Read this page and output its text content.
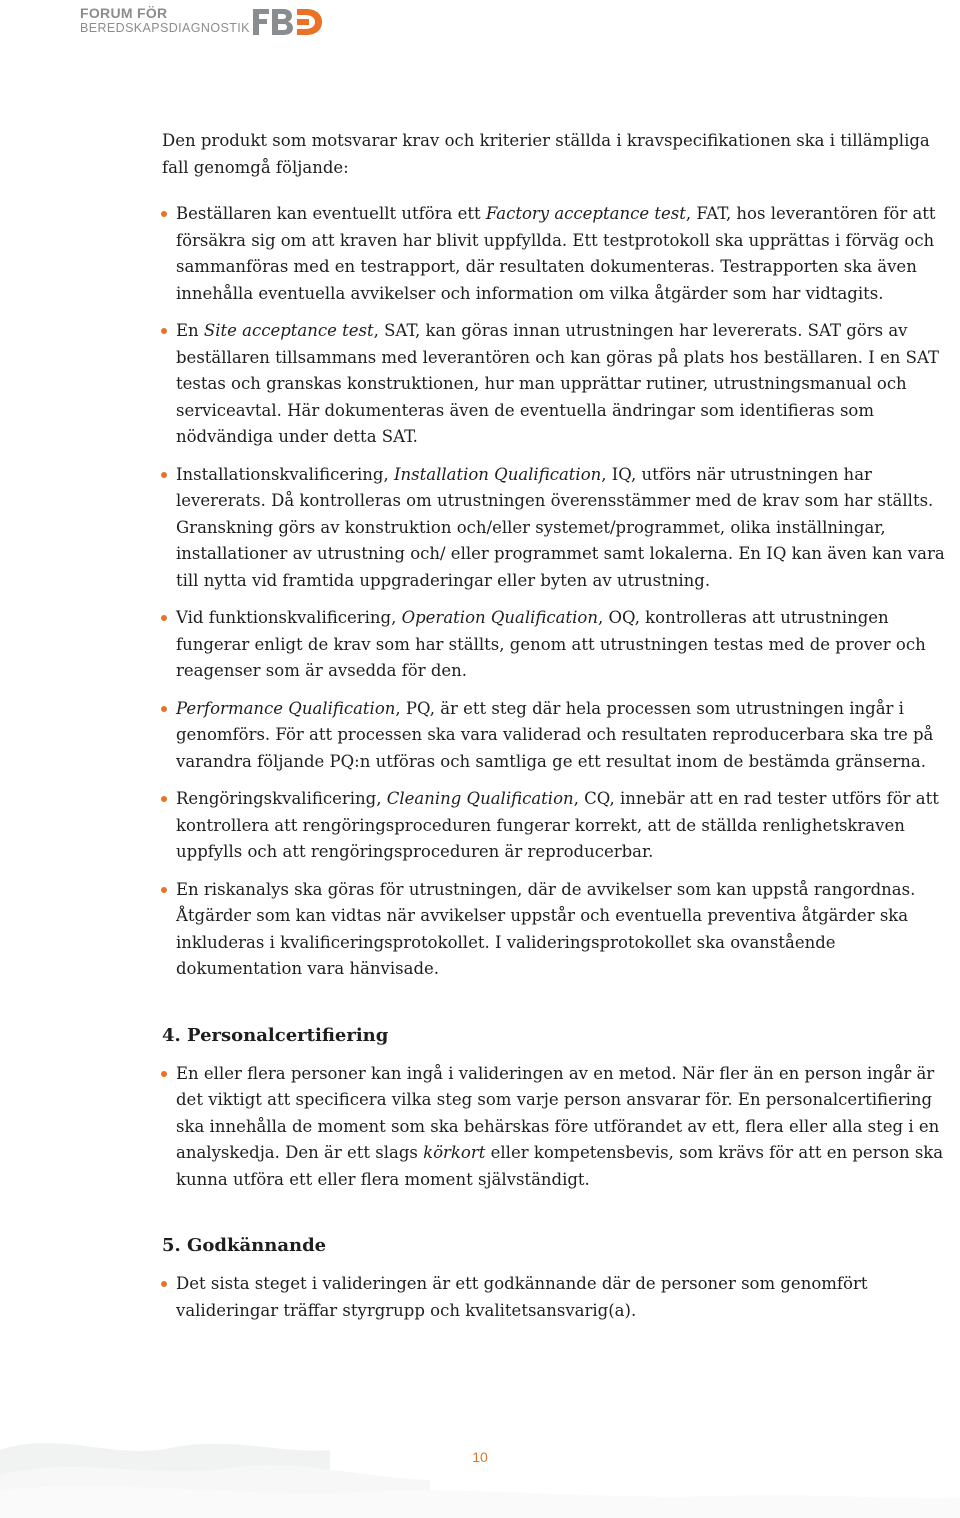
FORUM FÖR
BEREDSKAPSDIAGNOSTIK

Den produkt som motsvarar krav och kriterier ställda i kravspecifikationen ska i tillämpliga fall genomgå följande:

Beställaren kan eventuellt utföra ett Factory acceptance test, FAT, hos leverantören för att försäkra sig om att kraven har blivit uppfyllda. Ett testprotokoll ska upprättas i förväg och sammanföras med en testrapport, där resultaten dokumenteras. Testrapporten ska även innehålla eventuella avvikelser och information om vilka åtgärder som har vidtagits.
En Site acceptance test, SAT, kan göras innan utrustningen har levererats. SAT görs av beställaren tillsammans med leverantören och kan göras på plats hos beställaren. I en SAT testas och granskas konstruktionen, hur man upprättar rutiner, utrustningsmanual och serviceavtal. Här dokumenteras även de eventuella ändringar som identifieras som nödvändiga under detta SAT.
Installationskvalificering, Installation Qualification, IQ, utförs när utrustningen har levererats. Då kontrolleras om utrustningen överensstämmer med de krav som har ställts. Granskning görs av konstruktion och/eller systemet/programmet, olika inställningar, installationer av utrustning och/ eller programmet samt lokalerna. En IQ kan även kan vara till nytta vid framtida uppgraderingar eller byten av utrustning.
Vid funktionskvalificering, Operation Qualification, OQ, kontrolleras att utrustningen fungerar enligt de krav som har ställts, genom att utrustningen testas med de prover och reagenser som är avsedda för den.
Performance Qualification, PQ, är ett steg där hela processen som utrustningen ingår i genomförs. För att processen ska vara validerad och resultaten reproducerbara ska tre på varandra följande PQ:n utföras och samtliga ge ett resultat inom de bestämda gränserna.
Rengöringskvalificering, Cleaning Qualification, CQ, innebär att en rad tester utförs för att kontrollera att rengöringsproceduren fungerar korrekt, att de ställda renlighetskraven uppfylls och att rengöringsproceduren är reproducerbar.
En riskanalys ska göras för utrustningen, där de avvikelser som kan uppstå rangordnas. Åtgärder som kan vidtas när avvikelser uppstår och eventuella preventiva åtgärder ska inkluderas i kvalificeringsprotokollet. I valideringsprotokollet ska ovanstående dokumentation vara hänvisade.
4. Personalcertifiering
En eller flera personer kan ingå i valideringen av en metod. När fler än en person ingår är det viktigt att specificera vilka steg som varje person ansvarar för. En personalcertifiering ska innehålla de moment som ska behärskas före utförandet av ett, flera eller alla steg i en analyskedja. Den är ett slags körkort eller kompetensbevis, som krävs för att en person ska kunna utföra ett eller flera moment självständigt.
5. Godkännande
Det sista steget i valideringen är ett godkännande där de personer som genomfört valideringar träffar styrgrupp och kvalitetsansvarig(a).
10
